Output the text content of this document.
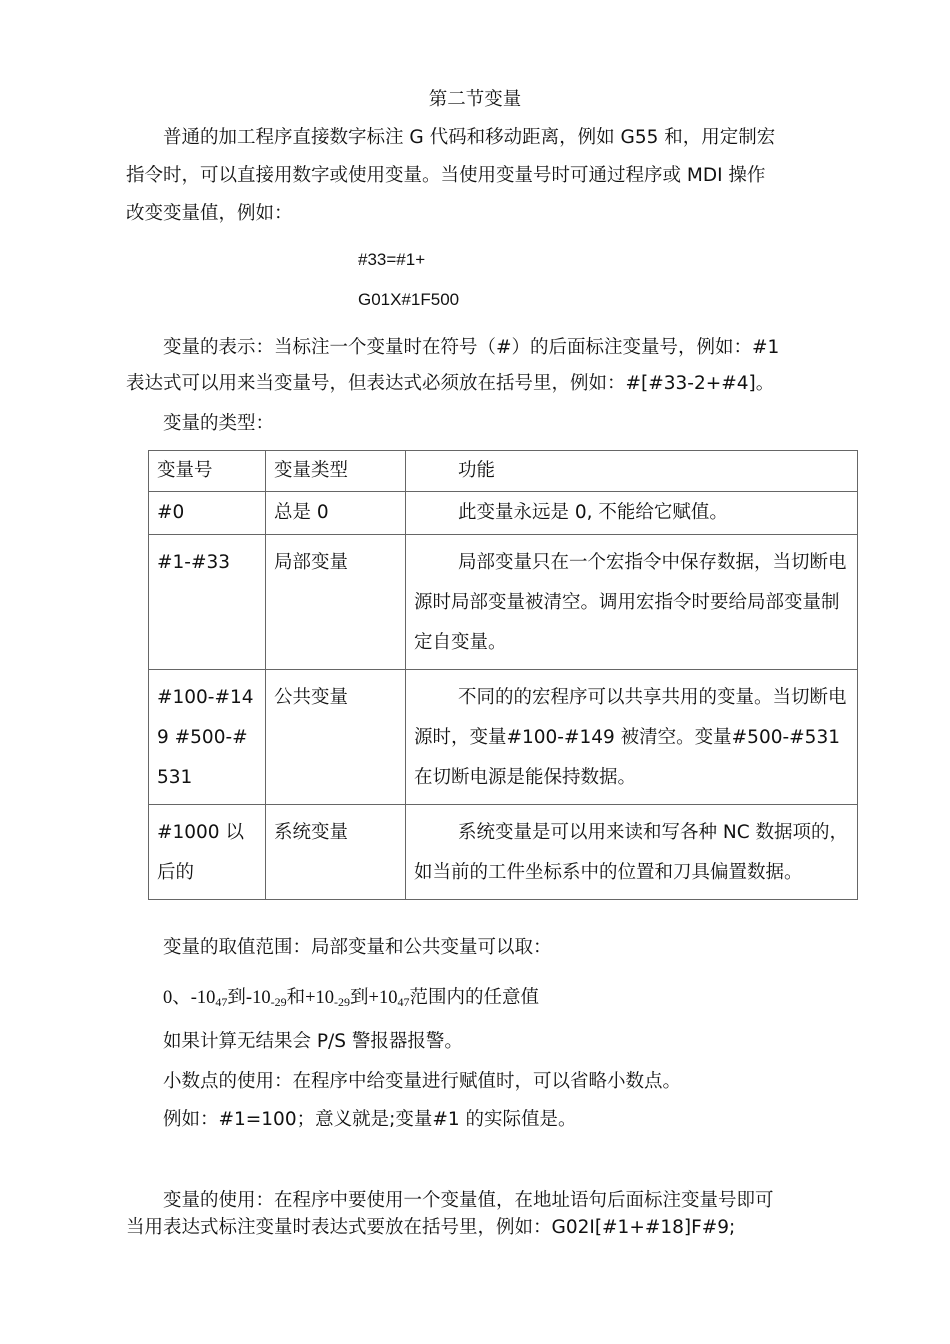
第二节变量
普通的加工程序直接数字标注 G 代码和移动距离，例如 G55 和，用定制宏
指令时，可以直接用数字或使用变量。当使用变量号时可通过程序或 MDI 操作
改变变量值，例如：
#33=#1+
G01X#1F500
变量的表示：当标注一个变量时在符号（#）的后面标注变量号，例如：#1
表达式可以用来当变量号，但表达式必须放在括号里，例如：#[#33-2+#4]。
变量的类型：
变量号	变量类型	功能
#0	总是 0	此变量永远是 0, 不能给它赋值。
#1-#33	局部变量	局部变量只在一个宏指令中保存数据，当切断电源时局部变量被清空。调用宏指令时要给局部变量制定自变量。
#100-#149 #500-#531	公共变量	不同的的宏程序可以共享共用的变量。当切断电源时，变量#100-#149 被清空。变量#500-#531 在切断电源是能保持数据。
#1000 以后的	系统变量	系统变量是可以用来读和写各种 NC 数据项的，如当前的工件坐标系中的位置和刀具偏置数据。
变量的取值范围：局部变量和公共变量可以取：
0、$-10_{47}$到$-10_{-29}$和$+10_{-29}$到$+10_{47}$范围内的任意值
如果计算无结果会 P/S 警报器报警。
小数点的使用：在程序中给变量进行赋值时，可以省略小数点。
例如：#1=100；意义就是;变量#1 的实际值是。
变量的使用：在程序中要使用一个变量值，在地址语句后面标注变量号即可
当用表达式标注变量时表达式要放在括号里，例如：G02I[#1+#18]F#9;
